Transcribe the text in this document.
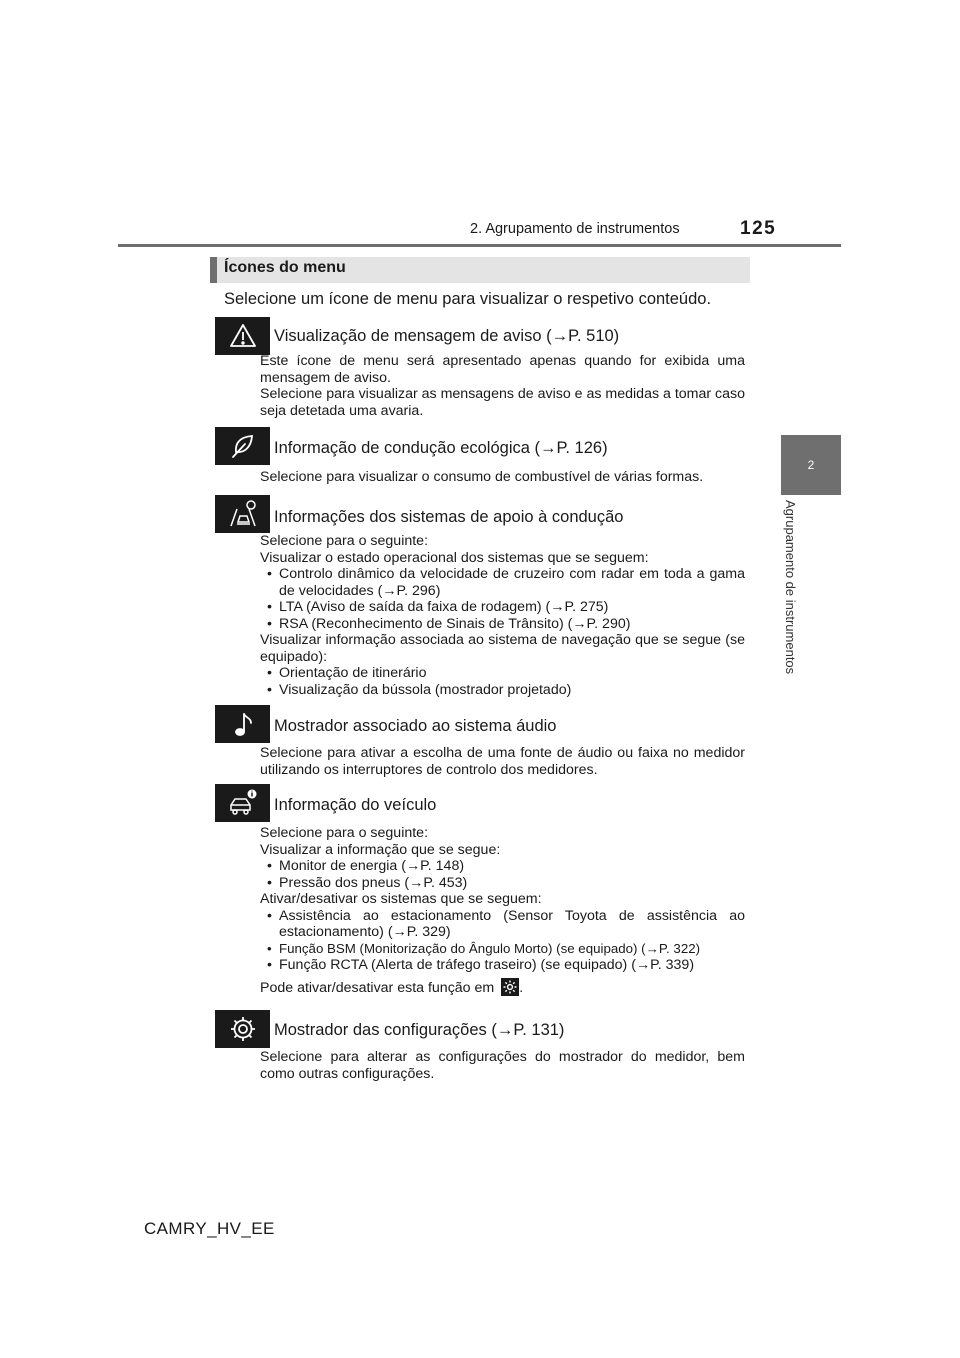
2. Agrupamento de instrumentos	125
2
Agrupamento de instrumentos
Ícones do menu
Selecione um ícone de menu para visualizar o respetivo conteúdo.
Visualização de mensagem de aviso (→P. 510)

Este ícone de menu será apresentado apenas quando for exibida uma mensagem de aviso.

Selecione para visualizar as mensagens de aviso e as medidas a tomar caso seja detetada uma avaria.

Informação de condução ecológica (→P. 126)

Selecione para visualizar o consumo de combustível de várias formas.

Informações dos sistemas de apoio à condução

Selecione para o seguinte:

Visualizar o estado operacional dos sistemas que se seguem:

• Controlo dinâmico da velocidade de cruzeiro com radar em toda a gama de velocidades (→P. 296)

• LTA (Aviso de saída da faixa de rodagem) (→P. 275)

• RSA (Reconhecimento de Sinais de Trânsito) (→P. 290)

Visualizar informação associada ao sistema de navegação que se segue (se equipado):

• Orientação de itinerário

• Visualização da bússola (mostrador projetado)

Mostrador associado ao sistema áudio

Selecione para ativar a escolha de uma fonte de áudio ou faixa no medidor utilizando os interruptores de controlo dos medidores.

Informação do veículo

Selecione para o seguinte:

Visualizar a informação que se segue:

• Monitor de energia (→P. 148)

• Pressão dos pneus (→P. 453)

Ativar/desativar os sistemas que se seguem:

• Assistência ao estacionamento (Sensor Toyota de assistência ao estacionamento) (→P. 329)

• Função BSM (Monitorização do Ângulo Morto) (se equipado) (→P. 322)

• Função RCTA (Alerta de tráfego traseiro) (se equipado) (→P. 339)

Pode ativar/desativar esta função em .

Mostrador das configurações (→P. 131)

Selecione para alterar as configurações do mostrador do medidor, bem como outras configurações.

CAMRY_HV_EE
